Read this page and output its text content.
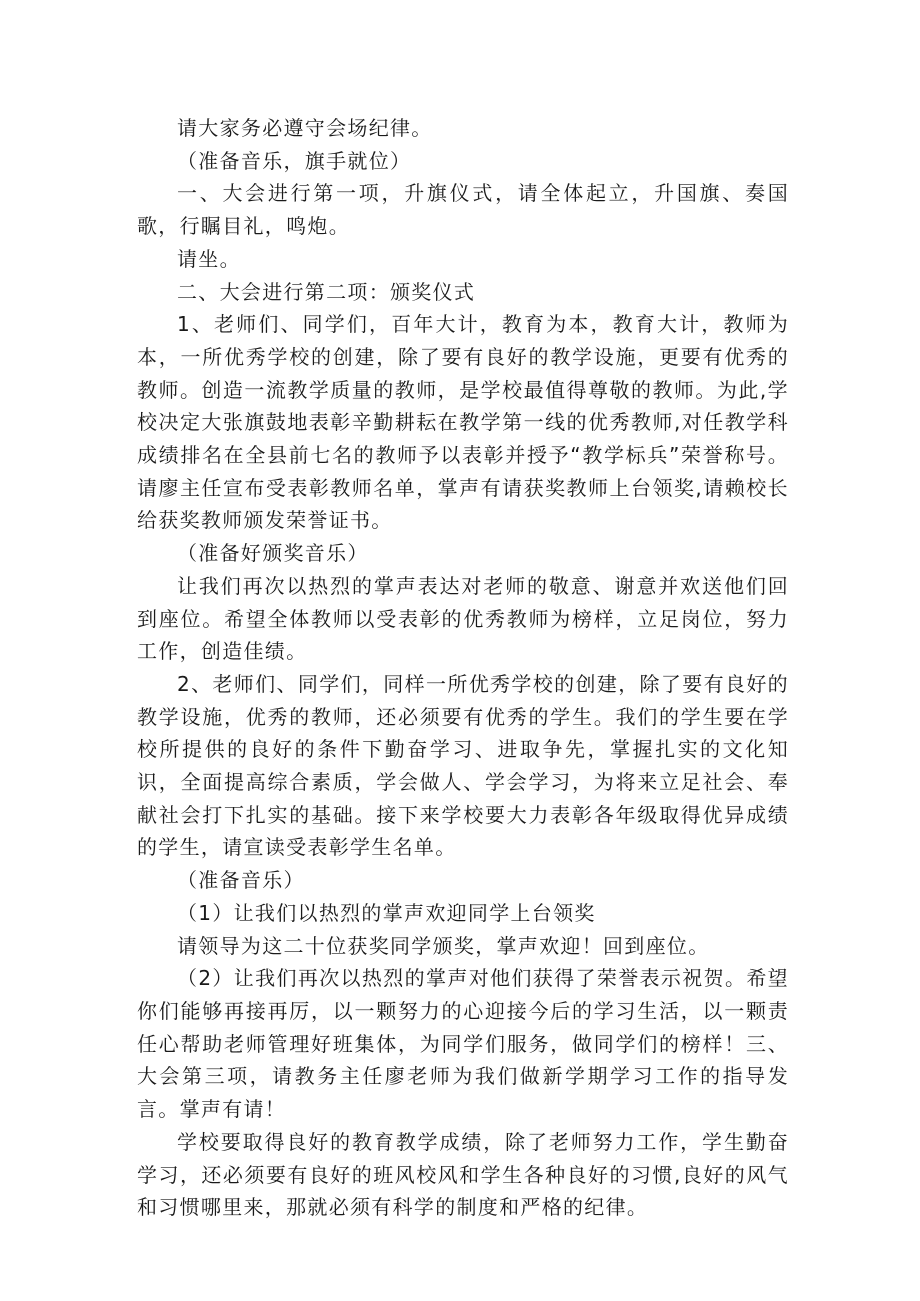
请大家务必遵守会场纪律。

（准备音乐，旗手就位）

一、大会进行第一项，升旗仪式，请全体起立，升国旗、奏国歌，行瞩目礼，鸣炮。

请坐。

二、大会进行第二项：颁奖仪式

1、老师们、同学们，百年大计，教育为本，教育大计，教师为本，一所优秀学校的创建，除了要有良好的教学设施，更要有优秀的教师。创造一流教学质量的教师，是学校最值得尊敬的教师。为此,学校决定大张旗鼓地表彰辛勤耕耘在教学第一线的优秀教师,对任教学科成绩排名在全县前七名的教师予以表彰并授予“教学标兵”荣誉称号。请廖主任宣布受表彰教师名单，掌声有请获奖教师上台领奖,请赖校长给获奖教师颁发荣誉证书。

（准备好颁奖音乐）

让我们再次以热烈的掌声表达对老师的敬意、谢意并欢送他们回到座位。希望全体教师以受表彰的优秀教师为榜样，立足岗位，努力工作，创造佳绩。

2、老师们、同学们，同样一所优秀学校的创建，除了要有良好的教学设施，优秀的教师，还必须要有优秀的学生。我们的学生要在学校所提供的良好的条件下勤奋学习、进取争先，掌握扎实的文化知识，全面提高综合素质，学会做人、学会学习，为将来立足社会、奉献社会打下扎实的基础。接下来学校要大力表彰各年级取得优异成绩的学生，请宣读受表彰学生名单。

（准备音乐）

（1）让我们以热烈的掌声欢迎同学上台领奖

请领导为这二十位获奖同学颁奖，掌声欢迎！回到座位。

（2）让我们再次以热烈的掌声对他们获得了荣誉表示祝贺。希望你们能够再接再厉，以一颗努力的心迎接今后的学习生活，以一颗责任心帮助老师管理好班集体，为同学们服务，做同学们的榜样！三、大会第三项，请教务主任廖老师为我们做新学期学习工作的指导发言。掌声有请！

学校要取得良好的教育教学成绩，除了老师努力工作，学生勤奋学习，还必须要有良好的班风校风和学生各种良好的习惯,良好的风气和习惯哪里来，那就必须有科学的制度和严格的纪律。
